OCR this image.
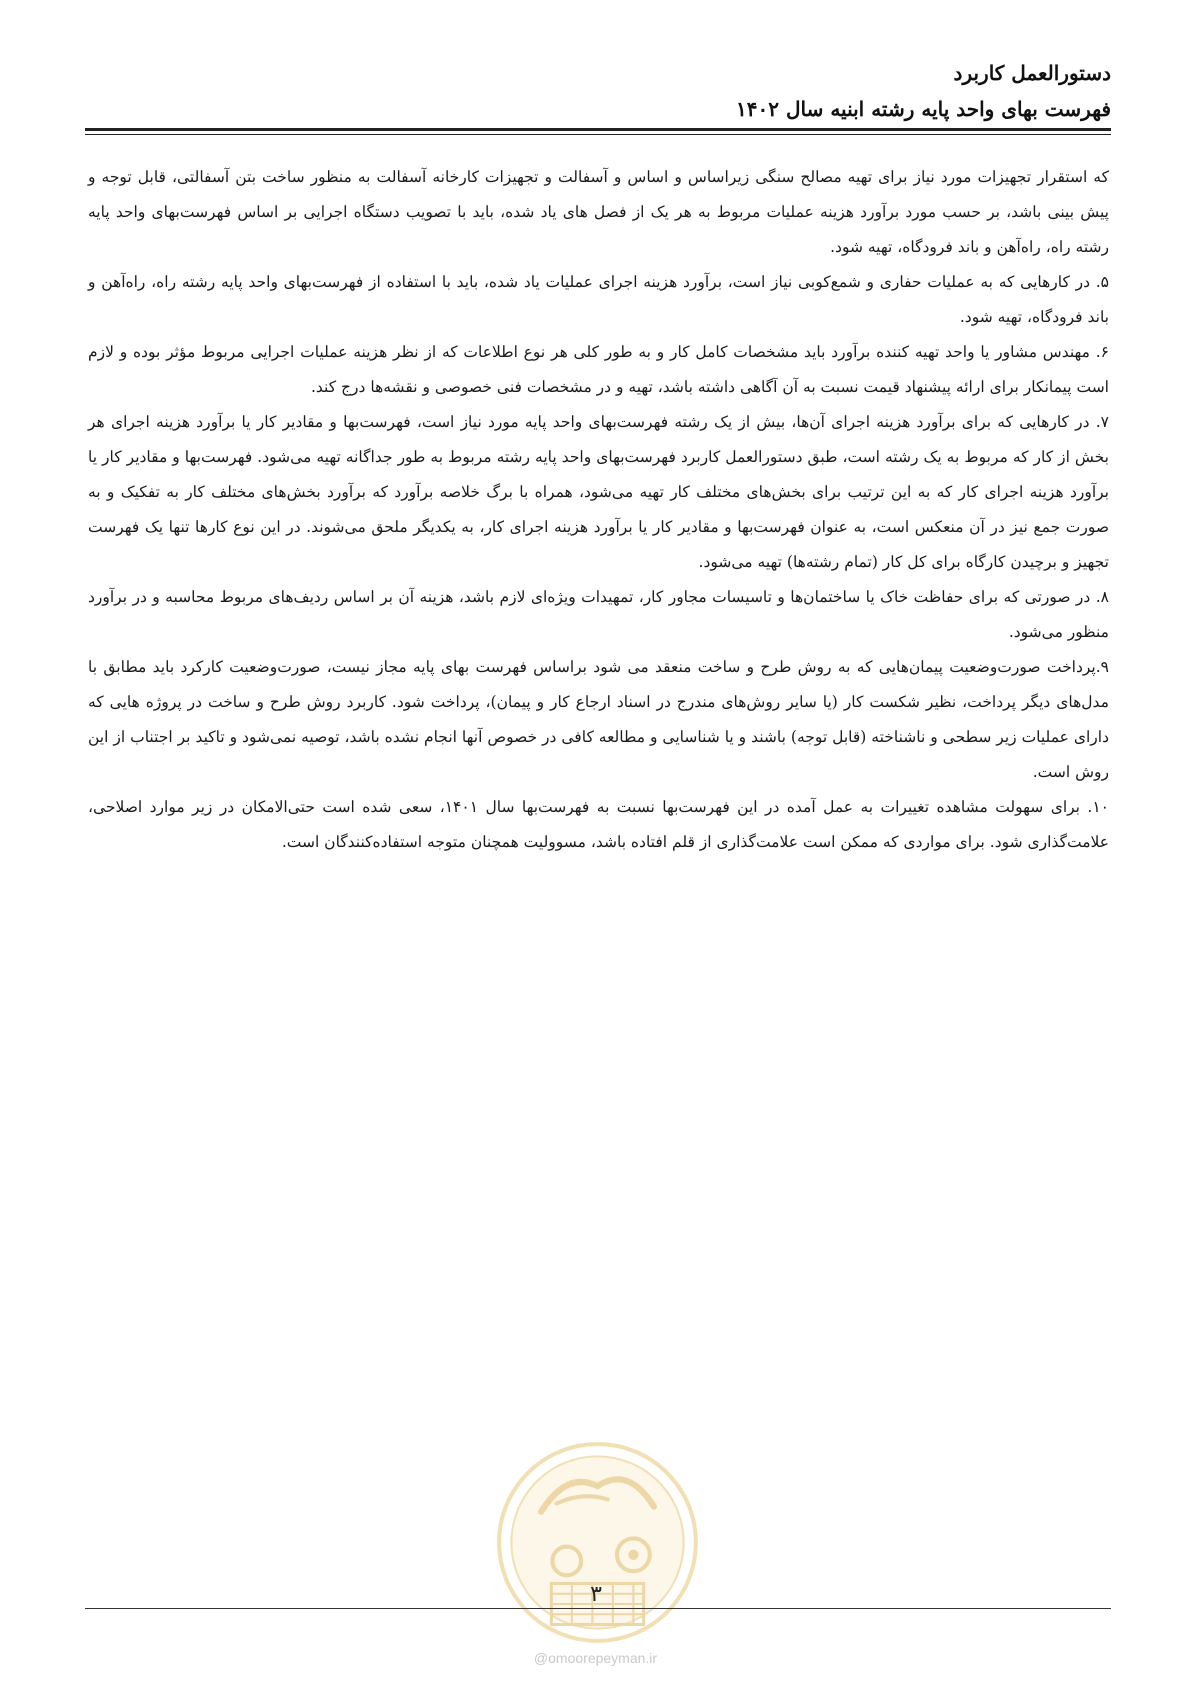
دستورالعمل کاربرد
فهرست بهای واحد پایه رشته ابنیه سال ۱۴۰۲

که استقرار تجهیزات مورد نیاز برای تهیه مصالح سنگی زیراساس و اساس و آسفالت و تجهیزات کارخانه آسفالت به منظور ساخت بتن آسفالتی، قابل توجه و پیش بینی باشد، بر حسب مورد برآورد هزینه عملیات مربوط به هر یک از فصل های یاد شده، باید با تصویب دستگاه اجرایی بر اساس فهرست‌بهای واحد پایه رشته راه، راه‌آهن و باند فرودگاه، تهیه شود.

۵. در کارهایی که به عملیات حفاری و شمع‌کوبی نیاز است، برآورد هزینه اجرای عملیات یاد شده، باید با استفاده از فهرست‌بهای واحد پایه رشته راه، راه‌آهن و باند فرودگاه، تهیه شود.

۶. مهندس مشاور یا واحد تهیه کننده برآورد باید مشخصات کامل کار و به طور کلی هر نوع اطلاعات که از نظر هزینه عملیات اجرایی مربوط مؤثر بوده و لازم است پیمانکار برای ارائه پیشنهاد قیمت نسبت به آن آگاهی داشته باشد، تهیه و در مشخصات فنی خصوصی و نقشه‌ها درج کند.

۷. در کارهایی که برای برآورد هزینه اجرای آن‌ها، بیش از یک رشته فهرست‌بهای واحد پایه مورد نیاز است، فهرست‌بها و مقادیر کار یا برآورد هزینه اجرای هر بخش از کار که مربوط به یک رشته است، طبق دستورالعمل کاربرد فهرست‌بهای واحد پایه رشته مربوط به طور جداگانه تهیه می‌شود. فهرست‌بها و مقادیر کار یا برآورد هزینه اجرای کار که به این ترتیب برای بخش‌های مختلف کار تهیه می‌شود، همراه با برگ خلاصه برآورد که برآورد بخش‌های مختلف کار به تفکیک و به صورت جمع نیز در آن منعکس است، به عنوان فهرست‌بها و مقادیر کار یا برآورد هزینه اجرای کار، به یکدیگر ملحق می‌شوند. در این نوع کارها تنها یک فهرست تجهیز و برچیدن کارگاه برای کل کار (تمام رشته‌ها) تهیه می‌شود.

۸. در صورتی که برای حفاظت خاک یا ساختمان‌ها و تاسیسات مجاور کار، تمهیدات ویژه‌ای لازم باشد، هزینه آن بر اساس ردیف‌های مربوط محاسبه و در برآورد منظور می‌شود.

۹.پرداخت صورت‌وضعیت پیمان‌هایی که به روش طرح و ساخت منعقد می شود براساس فهرست بهای پایه مجاز نیست، صورت‌وضعیت کارکرد باید مطابق با مدل‌های دیگر پرداخت، نظیر شکست کار (یا سایر روش‌های مندرج در اسناد ارجاع کار و پیمان)، پرداخت شود. کاربرد روش طرح و ساخت در پروژه هایی که دارای عملیات زیر سطحی و ناشناخته (قابل توجه) باشند و یا شناسایی و مطالعه کافی در خصوص آنها انجام نشده باشد، توصیه نمی‌شود و تاکید بر اجتناب از این روش است.

۱۰. برای سهولت مشاهده تغییرات به عمل آمده در این فهرست‌بها نسبت به فهرست‌بها سال ۱۴۰۱، سعی شده است حتی‌الامکان در زیر موارد اصلاحی، علامت‌گذاری شود. برای مواردی که ممکن است علامت‌گذاری از قلم افتاده باشد، مسوولیت همچنان متوجه استفاده‌کنندگان است.

۳
@omoorepeyman.ir
